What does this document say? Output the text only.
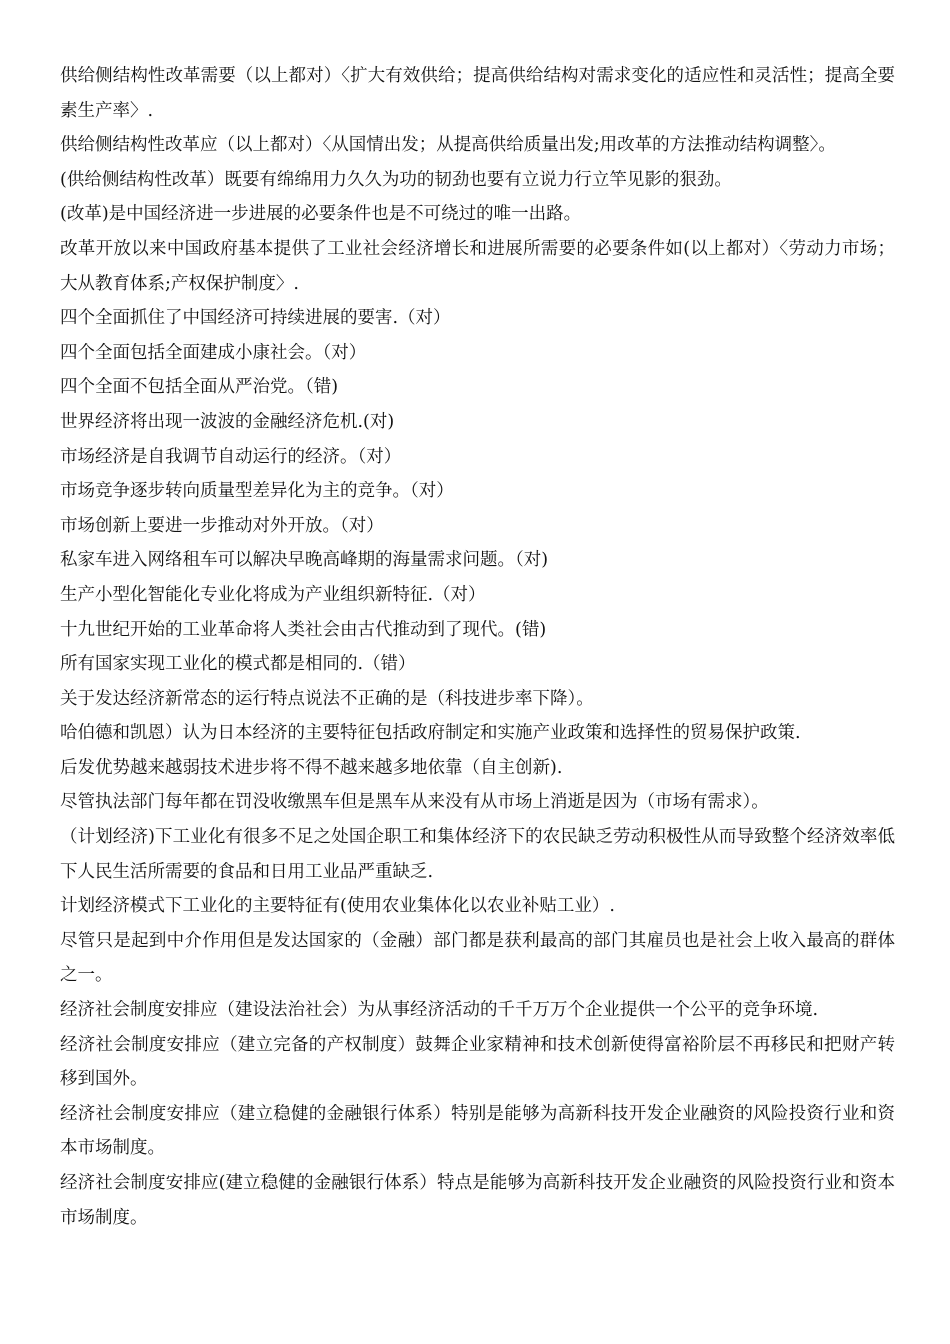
供给侧结构性改革需要（以上都对）〈扩大有效供给；提高供给结构对需求变化的适应性和灵活性；提高全要素生产率〉.

供给侧结构性改革应（以上都对）〈从国情出发；从提高供给质量出发;用改革的方法推动结构调整〉。

(供给侧结构性改革）既要有绵绵用力久久为功的韧劲也要有立说力行立竿见影的狠劲。

(改革)是中国经济进一步进展的必要条件也是不可绕过的唯一出路。

改革开放以来中国政府基本提供了工业社会经济增长和进展所需要的必要条件如(以上都对）〈劳动力市场；大从教育体系;产权保护制度〉.

四个全面抓住了中国经济可持续进展的要害.（对）

四个全面包括全面建成小康社会。（对）

四个全面不包括全面从严治党。（错)

世界经济将出现一波波的金融经济危机.(对)

市场经济是自我调节自动运行的经济。（对）

市场竞争逐步转向质量型差异化为主的竞争。（对）

市场创新上要进一步推动对外开放。（对）

私家车进入网络租车可以解决早晚高峰期的海量需求问题。（对)

生产小型化智能化专业化将成为产业组织新特征.（对）

十九世纪开始的工业革命将人类社会由古代推动到了现代。(错)

所有国家实现工业化的模式都是相同的.（错）

关于发达经济新常态的运行特点说法不正确的是（科技进步率下降）。

哈伯德和凯恩）认为日本经济的主要特征包括政府制定和实施产业政策和选择性的贸易保护政策.

后发优势越来越弱技术进步将不得不越来越多地依靠（自主创新).

尽管执法部门每年都在罚没收缴黑车但是黑车从来没有从市场上消逝是因为（市场有需求）。

（计划经济)下工业化有很多不足之处国企职工和集体经济下的农民缺乏劳动积极性从而导致整个经济效率低下人民生活所需要的食品和日用工业品严重缺乏.

计划经济模式下工业化的主要特征有(使用农业集体化以农业补贴工业）.

尽管只是起到中介作用但是发达国家的（金融）部门都是获利最高的部门其雇员也是社会上收入最高的群体之一。

经济社会制度安排应（建设法治社会）为从事经济活动的千千万万个企业提供一个公平的竞争环境.

经济社会制度安排应（建立完备的产权制度）鼓舞企业家精神和技术创新使得富裕阶层不再移民和把财产转移到国外。

经济社会制度安排应（建立稳健的金融银行体系）特别是能够为高新科技开发企业融资的风险投资行业和资本市场制度。

经济社会制度安排应(建立稳健的金融银行体系）特点是能够为高新科技开发企业融资的风险投资行业和资本市场制度。
